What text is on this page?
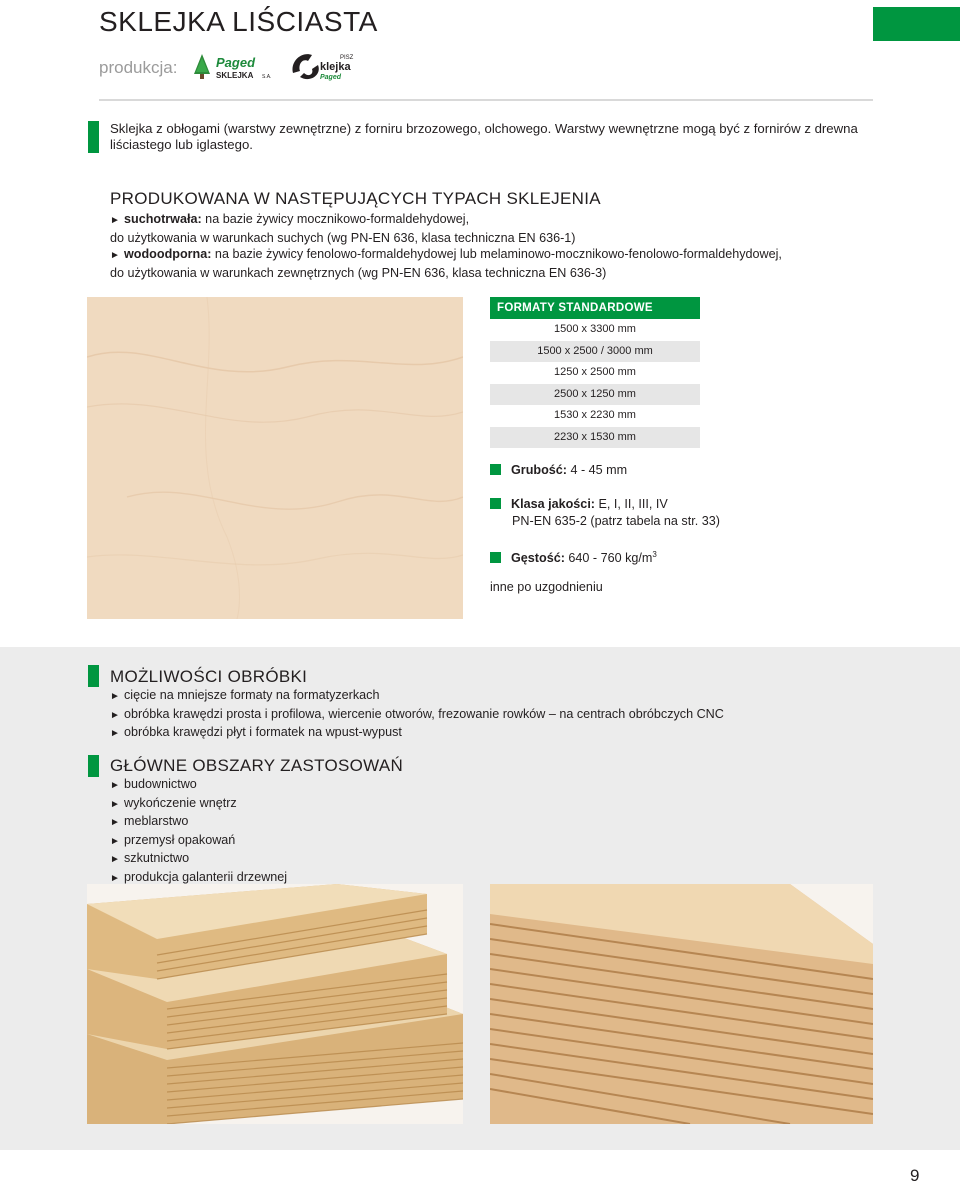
SKLEJKA LIŚCIASTA
produkcja:	Paged
SKLEJKA S.A.
PISZ
klejka
Paged
Sklejka z obłogami (warstwy zewnętrzne) z forniru brzozowego, olchowego. Warstwy wewnętrzne mogą być z fornirów z drewna liściastego lub iglastego.
PRODUKOWANA W NASTĘPUJĄCYCH TYPACH SKLEJENIA
► suchotrwała: na bazie żywicy mocznikowo-formaldehydowej,
do użytkowania w warunkach suchych (wg PN-EN 636, klasa techniczna EN 636-1)
► wodoodporna: na bazie żywicy fenolowo-formaldehydowej lub melaminowo-mocznikowo-fenolowo-formaldehydowej,
do użytkowania w warunkach zewnętrznych (wg PN-EN 636, klasa techniczna EN 636-3)
FORMATY STANDARDOWE
1500 x 3300 mm
1500 x 2500 / 3000 mm
1250 x 2500 mm
2500 x 1250 mm
1530 x 2230 mm
2230 x 1530 mm
Grubość: 4 - 45 mm
Klasa jakości: E, I, II, III, IV
PN-EN 635-2 (patrz tabela na str. 33)
Gęstość: 640 - 760 $kg/m^3$
inne po uzgodnieniu
MOŻLIWOŚCI OBRÓBKI
► cięcie na mniejsze formaty na formatyzerkach
► obróbka krawędzi prosta i profilowa, wiercenie otworów, frezowanie rowków – na centrach obróbczych CNC
► obróbka krawędzi płyt i formatek na wpust-wypust
GŁÓWNE OBSZARY ZASTOSOWAŃ
► budownictwo
► wykończenie wnętrz
► meblarstwo
► przemysł opakowań
► szkutnictwo
► produkcja galanterii drzewnej
9
